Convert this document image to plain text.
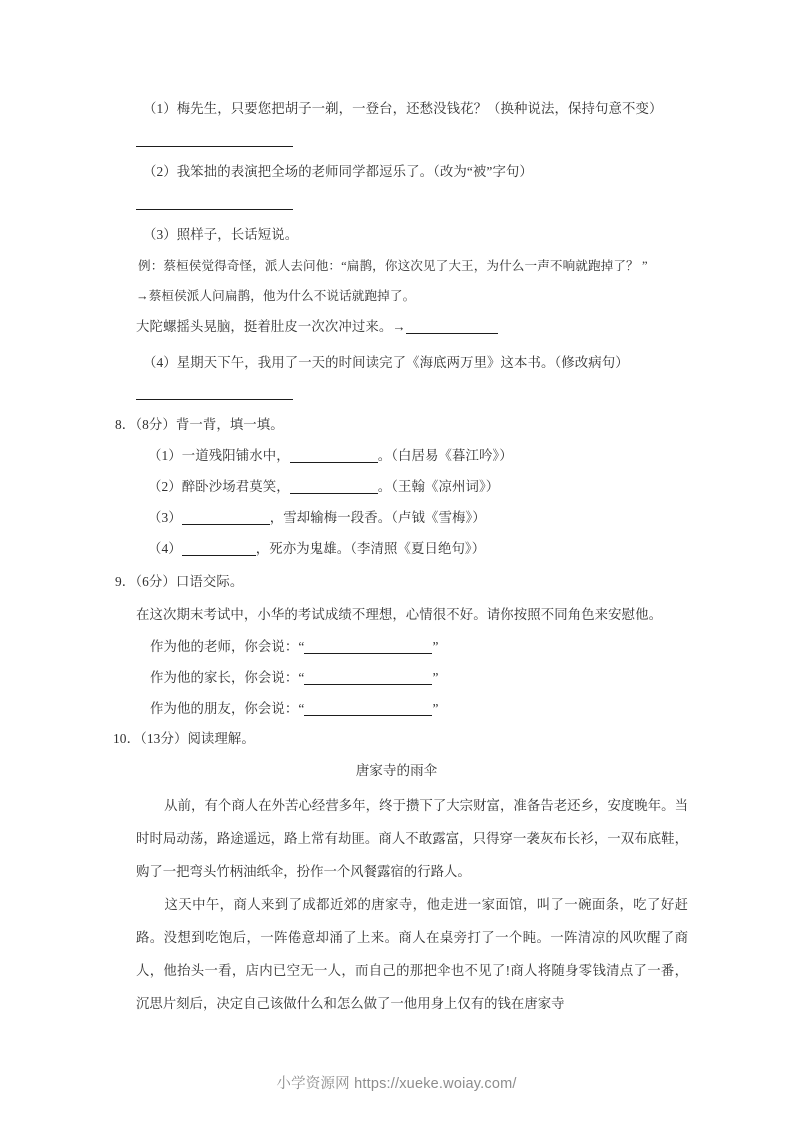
（1）梅先生，只要您把胡子一剃，一登台，还愁没钱花？（换种说法，保持句意不变）
（2）我笨拙的表演把全场的老师同学都逗乐了。（改为“被”字句）
（3）照样子，长话短说。
例：蔡桓侯觉得奇怪，派人去问他：“扁鹊，你这次见了大王，为什么一声不响就跑掉了？ ”
→蔡桓侯派人问扁鹊，他为什么不说话就跑掉了。
大陀螺摇头晃脑，挺着肚皮一次次冲过来。→
（4）星期天下午，我用了一天的时间读完了《海底两万里》这本书。（修改病句）
8．（8分）背一背，填一填。
（1）一道残阳铺水中，	。（白居易《暮江吟》）
（2）醉卧沙场君莫笑，	。（王翰《凉州词》）
（3）	，雪却输梅一段香。（卢钺《雪梅》）
（4）	，死亦为鬼雄。（李清照《夏日绝句》）
9．（6分）口语交际。
在这次期末考试中，小华的考试成绩不理想，心情很不好。请你按照不同角色来安慰他。
作为他的老师，你会说：“	”
作为他的家长，你会说：“	”
作为他的朋友，你会说：“	”
10．（13分）阅读理解。
唐家寺的雨伞
从前，有个商人在外苦心经营多年，终于攒下了大宗财富，准备告老还乡，安度晚年。当时时局动荡，路途遥远，路上常有劫匪。商人不敢露富，只得穿一袭灰布长衫，一双布底鞋，购了一把弯头竹柄油纸伞，扮作一个风餐露宿的行路人。
这天中午，商人来到了成都近郊的唐家寺，他走进一家面馆，叫了一碗面条，吃了好赶路。没想到吃饱后，一阵倦意却涌了上来。商人在桌旁打了一个盹。一阵清凉的风吹醒了商人，他抬头一看，店内已空无一人，而自己的那把伞也不见了!商人将随身零钱清点了一番，沉思片刻后，决定自己该做什么和怎么做了一他用身上仅有的钱在唐家寺
小学资源网 https://xueke.woiay.com/
